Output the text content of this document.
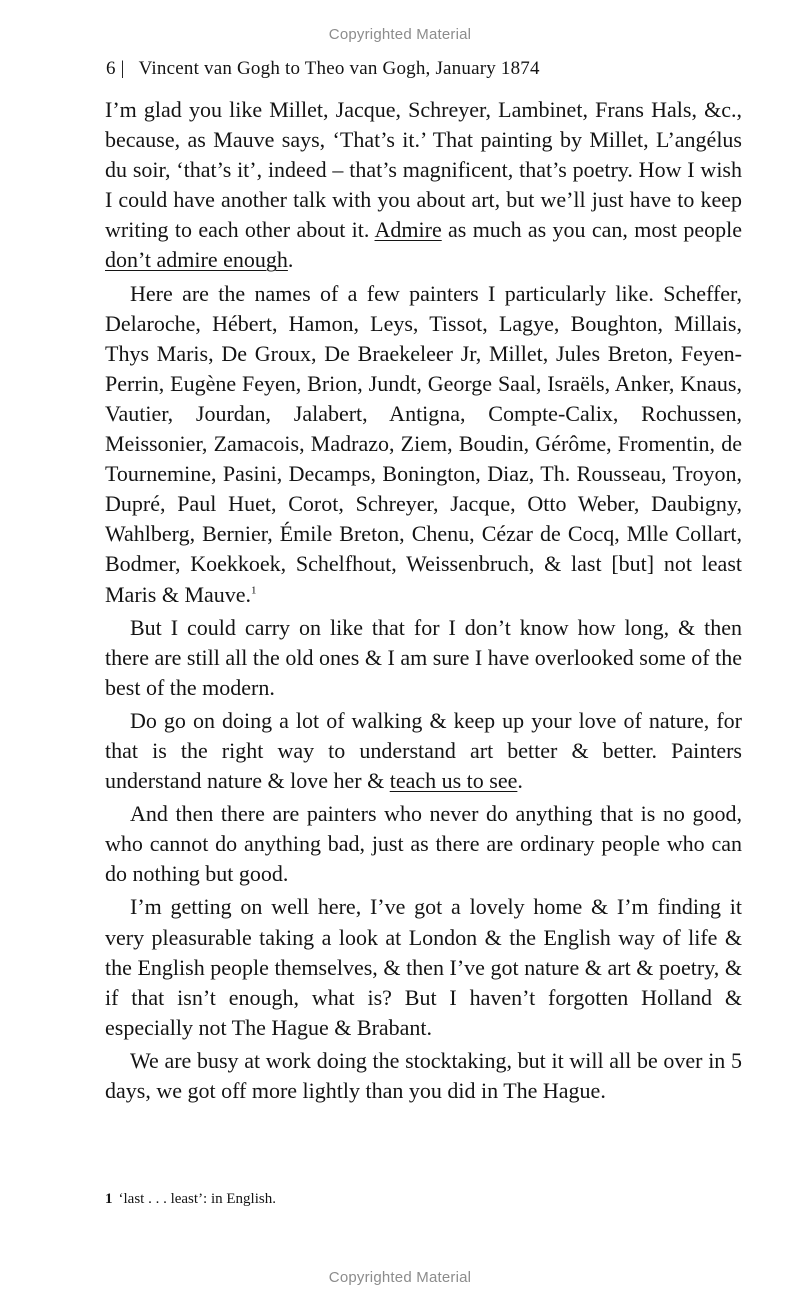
Copyrighted Material
6 | Vincent van Gogh to Theo van Gogh, January 1874

I’m glad you like Millet, Jacque, Schreyer, Lambinet, Frans Hals, &c., because, as Mauve says, ‘That’s it.’ That painting by Millet, L’angélus du soir, ‘that’s it’, indeed – that’s magnificent, that’s poetry. How I wish I could have another talk with you about art, but we’ll just have to keep writing to each other about it. Admire as much as you can, most people don’t admire enough.

Here are the names of a few painters I particularly like. Scheffer, Delaroche, Hébert, Hamon, Leys, Tissot, Lagye, Boughton, Millais, Thys Maris, De Groux, De Braekeleer Jr, Millet, Jules Breton, Feyen-Perrin, Eugène Feyen, Brion, Jundt, George Saal, Israëls, Anker, Knaus, Vautier, Jourdan, Jalabert, Antigna, Compte-Calix, Rochussen, Meissonier, Zamacois, Madrazo, Ziem, Boudin, Gérôme, Fromentin, de Tournemine, Pasini, Decamps, Bonington, Diaz, Th. Rousseau, Troyon, Dupré, Paul Huet, Corot, Schreyer, Jacque, Otto Weber, Daubigny, Wahlberg, Bernier, Émile Breton, Chenu, Cézar de Cocq, Mlle Collart, Bodmer, Koekkoek, Schelfhout, Weissenbruch, & last [but] not least Maris & Mauve.$^1$

But I could carry on like that for I don’t know how long, & then there are still all the old ones & I am sure I have overlooked some of the best of the modern.

Do go on doing a lot of walking & keep up your love of nature, for that is the right way to understand art better & better. Painters understand nature & love her & teach us to see.

And then there are painters who never do anything that is no good, who cannot do anything bad, just as there are ordinary people who can do nothing but good.

I’m getting on well here, I’ve got a lovely home & I’m finding it very pleasurable taking a look at London & the English way of life & the English people themselves, & then I’ve got nature & art & poetry, & if that isn’t enough, what is? But I haven’t forgotten Holland & especially not The Hague & Brabant.

We are busy at work doing the stocktaking, but it will all be over in 5 days, we got off more lightly than you did in The Hague.

1 ‘last . . . least’: in English.
Copyrighted Material
